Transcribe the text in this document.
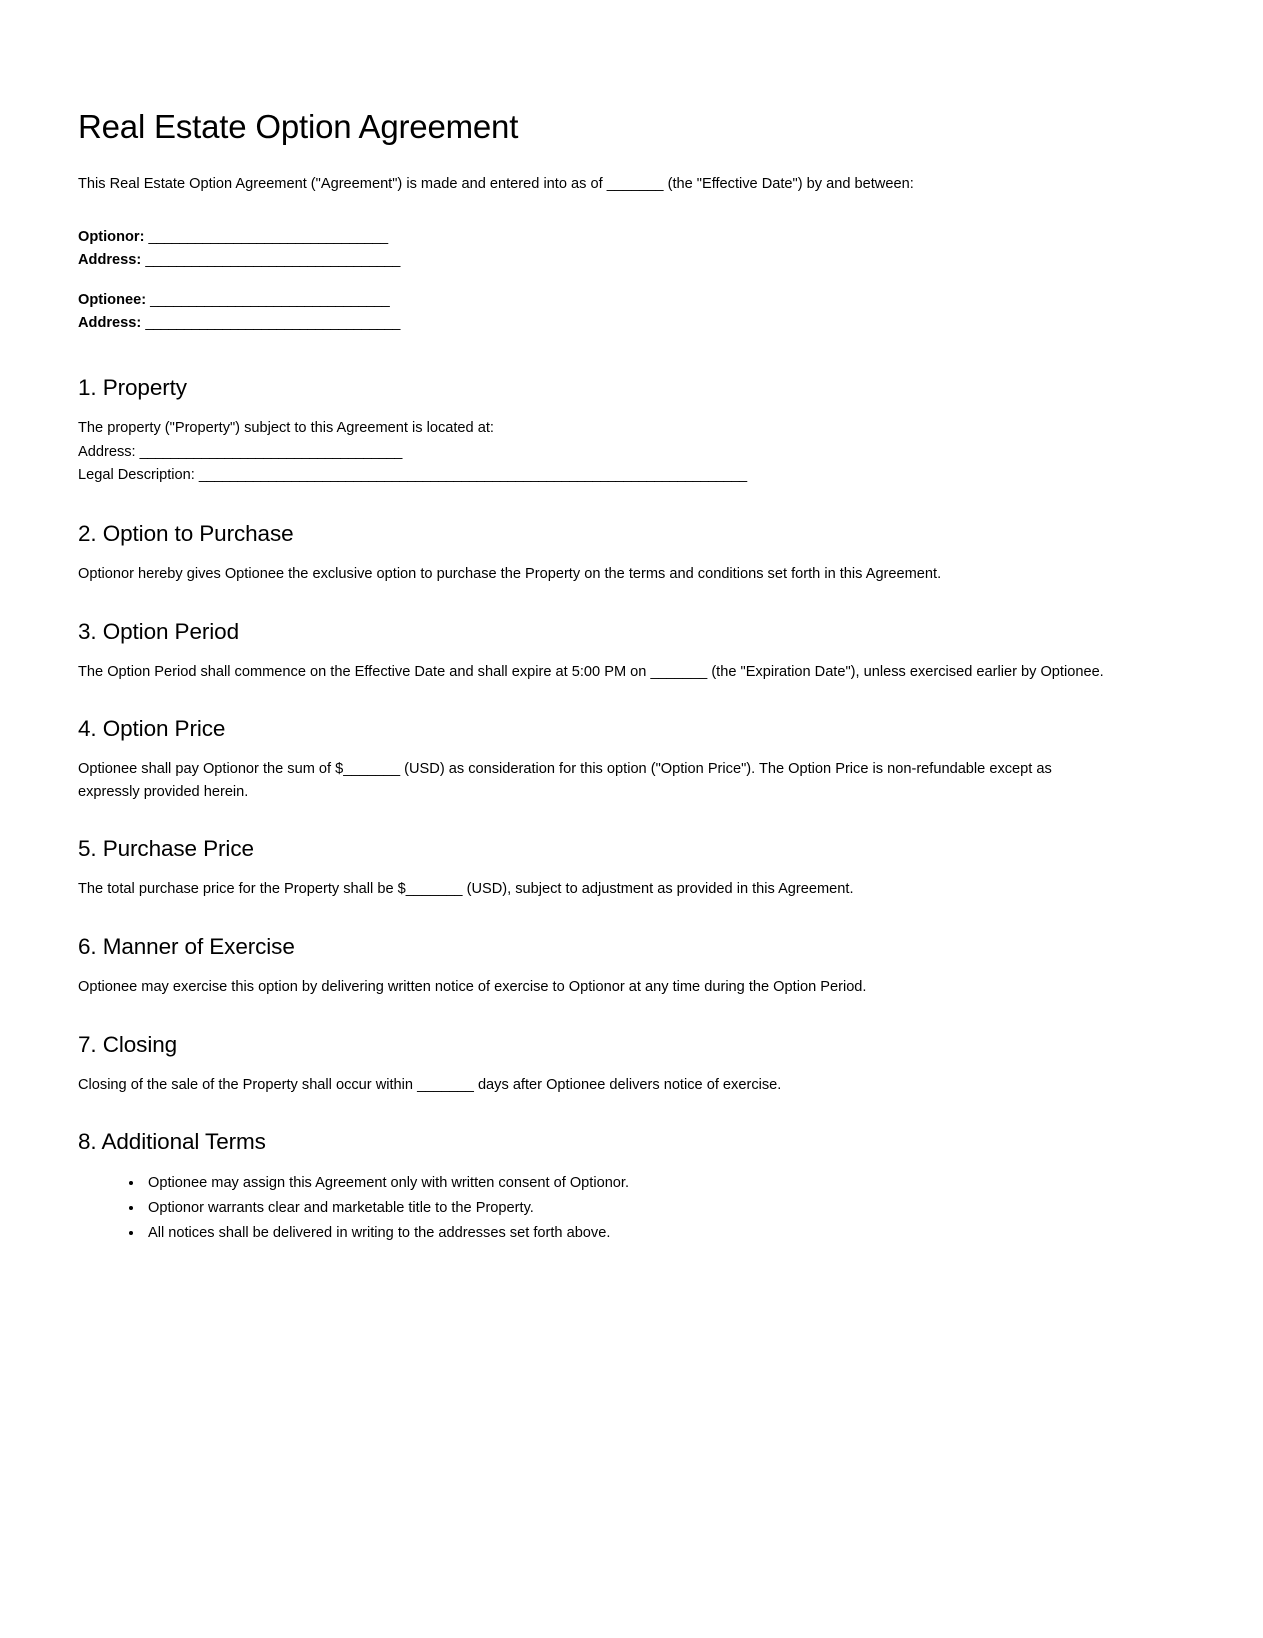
Real Estate Option Agreement

This Real Estate Option Agreement ("Agreement") is made and entered into as of _______ (the "Effective Date") by and between:

Optionor: _______________________________
Address: _________________________________
Optionee: _______________________________
Address: _________________________________
1. Property
The property ("Property") subject to this Agreement is located at:
Address: __________________________________
Legal Description: _______________________________________________________________________
2. Option to Purchase

Optionor hereby gives Optionee the exclusive option to purchase the Property on the terms and conditions set forth in this Agreement.

3. Option Period

The Option Period shall commence on the Effective Date and shall expire at 5:00 PM on _______ (the "Expiration Date"), unless exercised earlier by Optionee.

4. Option Price

Optionee shall pay Optionor the sum of $_______ (USD) as consideration for this option ("Option Price"). The Option Price is non-refundable except as expressly provided herein.

5. Purchase Price

The total purchase price for the Property shall be $_______ (USD), subject to adjustment as provided in this Agreement.

6. Manner of Exercise

Optionee may exercise this option by delivering written notice of exercise to Optionor at any time during the Option Period.

7. Closing

Closing of the sale of the Property shall occur within _______ days after Optionee delivers notice of exercise.

8. Additional Terms
• Optionee may assign this Agreement only with written consent of Optionor.
• Optionor warrants clear and marketable title to the Property.
• All notices shall be delivered in writing to the addresses set forth above.
